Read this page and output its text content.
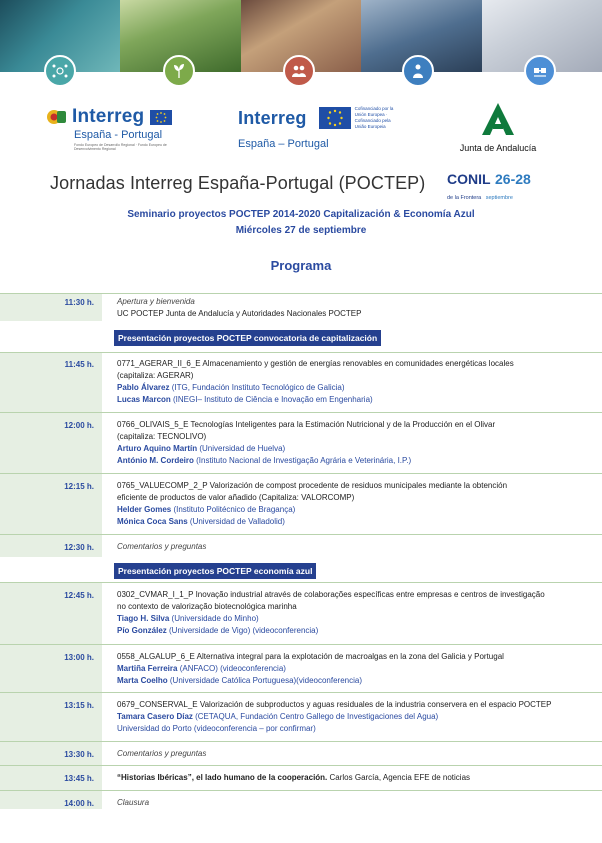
Interreg
España - Portugal
Fondo Europeo de Desarrollo Regional · Fundo Europeu de Desenvolvimento Regional
Interreg	Cofinanciado por la Unión Europea · Cofinanciado pela União Europeia
España – Portugal	Junta de Andalucía
Jornadas Interreg España-Portugal (POCTEP) CONIL 26-28
de la Frontera septiembre
Seminario proyectos POCTEP 2014-2020 Capitalización & Economía Azul
Miércoles 27 de septiembre
Programa
11:30 h.	Apertura y bienvenida
UC POCTEP Junta de Andalucía y Autoridades Nacionales POCTEP
Presentación proyectos POCTEP convocatoria de capitalización
11:45 h.	0771_AGERAR_II_6_E Almacenamiento y gestión de energías renovables en comunidades energéticas locales
(capitaliza: AGERAR)
Pablo Álvarez (ITG, Fundación Instituto Tecnológico de Galicia)
Lucas Marcon (INEGI– Instituto de Ciência e Inovação em Engenharia)
12:00 h.	0766_OLIVAIS_5_E Tecnologías Inteligentes para la Estimación Nutricional y de la Producción en el Olivar
(capitaliza: TECNOLIVO)
Arturo Aquino Martín (Universidad de Huelva)
António M. Cordeiro (Instituto Nacional de Investigação Agrária e Veterinária, I.P.)
12:15 h.	0765_VALUECOMP_2_P Valorización de compost procedente de residuos municipales mediante la obtención
eficiente de productos de valor añadido (Capitaliza: VALORCOMP)
Helder Gomes (Instituto Politécnico de Bragança)
Mónica Coca Sans (Universidad de Valladolid)
12:30 h.	Comentarios y preguntas
Presentación proyectos POCTEP economía azul
12:45 h.	0302_CVMAR_I_1_P Inovação industrial através de colaborações específicas entre empresas e centros de investigação
no contexto de valorização biotecnológica marinha
Tiago H. Silva (Universidade do Minho)
Pío González (Universidade de Vigo) (videoconferencia)
13:00 h.	0558_ALGALUP_6_E Alternativa integral para la explotación de macroalgas en la zona del Galicia y Portugal
Martiña Ferreira (ANFACO) (videoconferencia)
Marta Coelho (Universidade Católica Portuguesa)(videoconferencia)
13:15 h.	0679_CONSERVAL_E Valorización de subproductos y aguas residuales de la industria conservera en el espacio POCTEP
Tamara Casero Díaz (CETAQUA, Fundación Centro Gallego de Investigaciones del Agua)
Universidad do Porto (videoconferencia – por confirmar)
13:30 h.	Comentarios y preguntas
13:45 h.	“Historias Ibéricas”, el lado humano de la cooperación. Carlos García, Agencia EFE de noticias
14:00 h.	Clausura
